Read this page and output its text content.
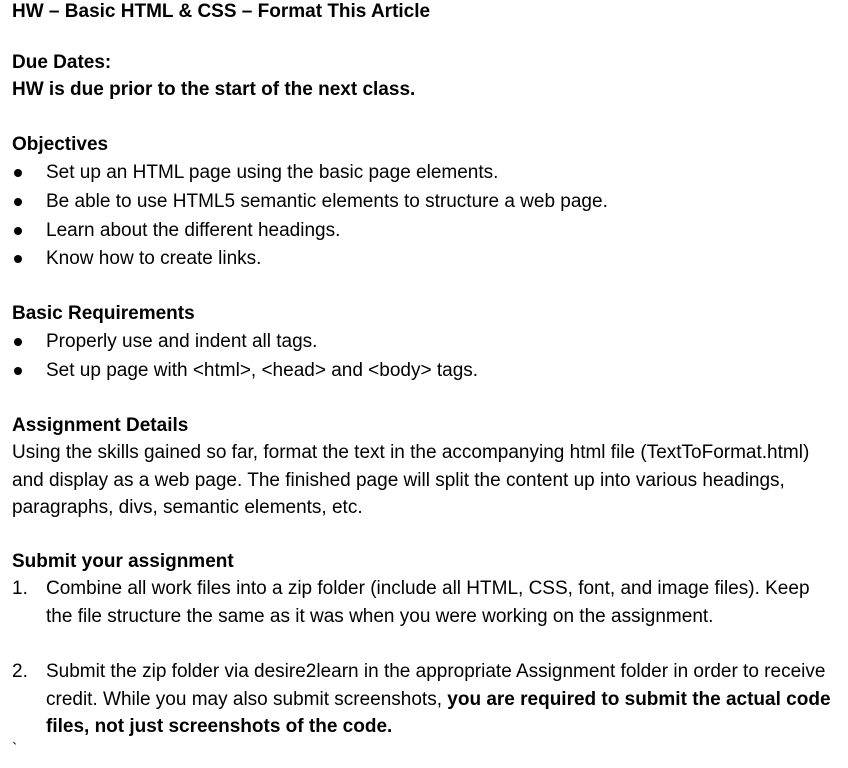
HW – Basic HTML & CSS – Format This Article
Due Dates:
HW is due prior to the start of the next class.
Objectives
Set up an HTML page using the basic page elements.
Be able to use HTML5 semantic elements to structure a web page.
Learn about the different headings.
Know how to create links.
Basic Requirements
Properly use and indent all tags.
Set up page with <html>, <head> and <body> tags.
Assignment Details
Using the skills gained so far, format the text in the accompanying html file (TextToFormat.html) and display as a web page. The finished page will split the content up into various headings, paragraphs, divs, semantic elements, etc.
Submit your assignment
1. Combine all work files into a zip folder (include all HTML, CSS, font, and image files). Keep the file structure the same as it was when you were working on the assignment.
2. Submit the zip folder via desire2learn in the appropriate Assignment folder in order to receive credit. While you may also submit screenshots, you are required to submit the actual code files, not just screenshots of the code.
`
